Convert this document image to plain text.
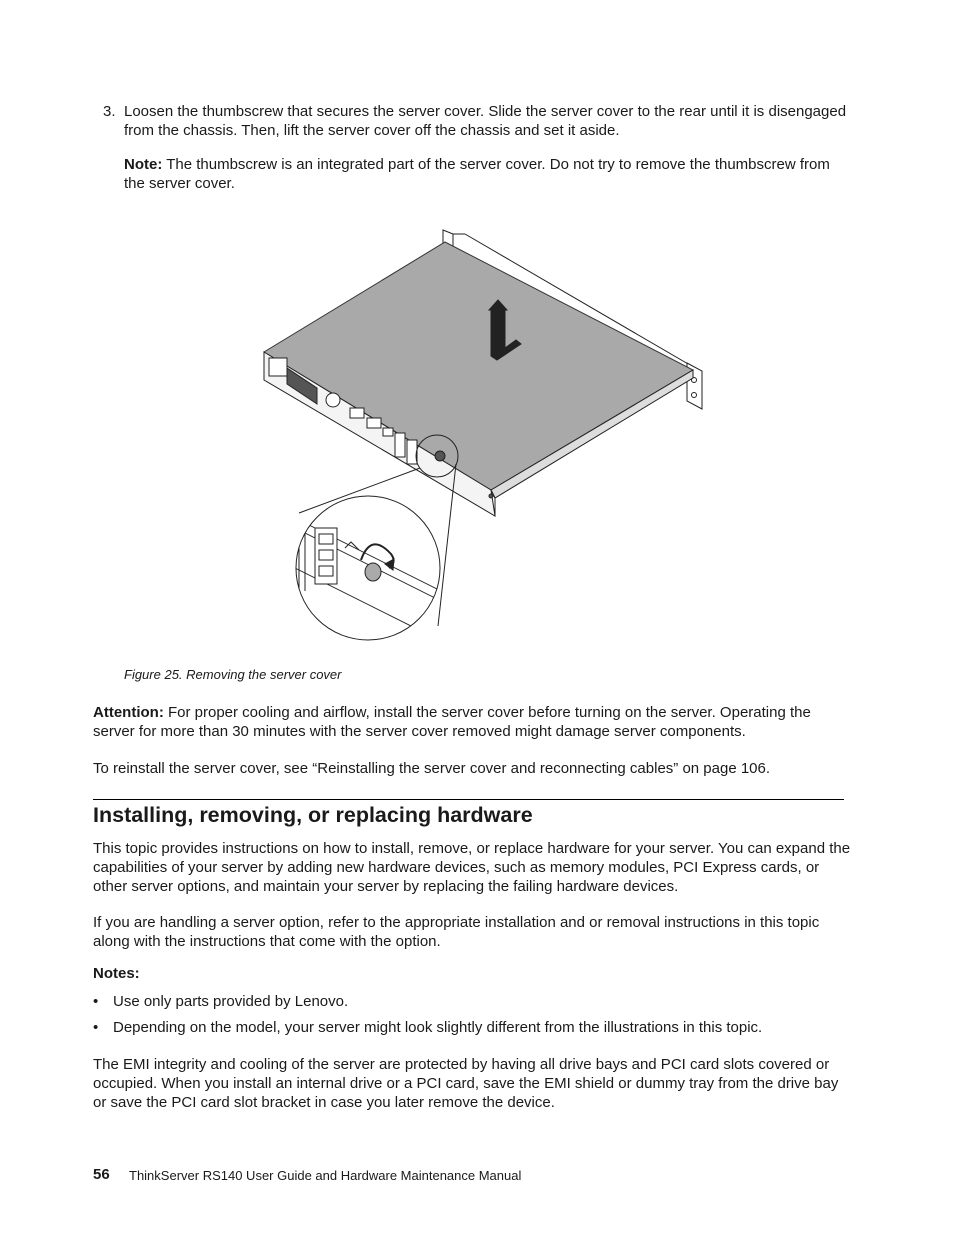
3. Loosen the thumbscrew that secures the server cover. Slide the server cover to the rear until it is disengaged from the chassis. Then, lift the server cover off the chassis and set it aside.

Note: The thumbscrew is an integrated part of the server cover. Do not try to remove the thumbscrew from the server cover.

Figure 25. Removing the server cover

Attention: For proper cooling and airflow, install the server cover before turning on the server. Operating the server for more than 30 minutes with the server cover removed might damage server components.

To reinstall the server cover, see “Reinstalling the server cover and reconnecting cables” on page 106.

Installing, removing, or replacing hardware

This topic provides instructions on how to install, remove, or replace hardware for your server. You can expand the capabilities of your server by adding new hardware devices, such as memory modules, PCI Express cards, or other server options, and maintain your server by replacing the failing hardware devices.

If you are handling a server option, refer to the appropriate installation and or removal instructions in this topic along with the instructions that come with the option.

Notes:

• Use only parts provided by Lenovo.
• Depending on the model, your server might look slightly different from the illustrations in this topic.

The EMI integrity and cooling of the server are protected by having all drive bays and PCI card slots covered or occupied. When you install an internal drive or a PCI card, save the EMI shield or dummy tray from the drive bay or save the PCI card slot bracket in case you later remove the device.

56 ThinkServer RS140 User Guide and Hardware Maintenance Manual
